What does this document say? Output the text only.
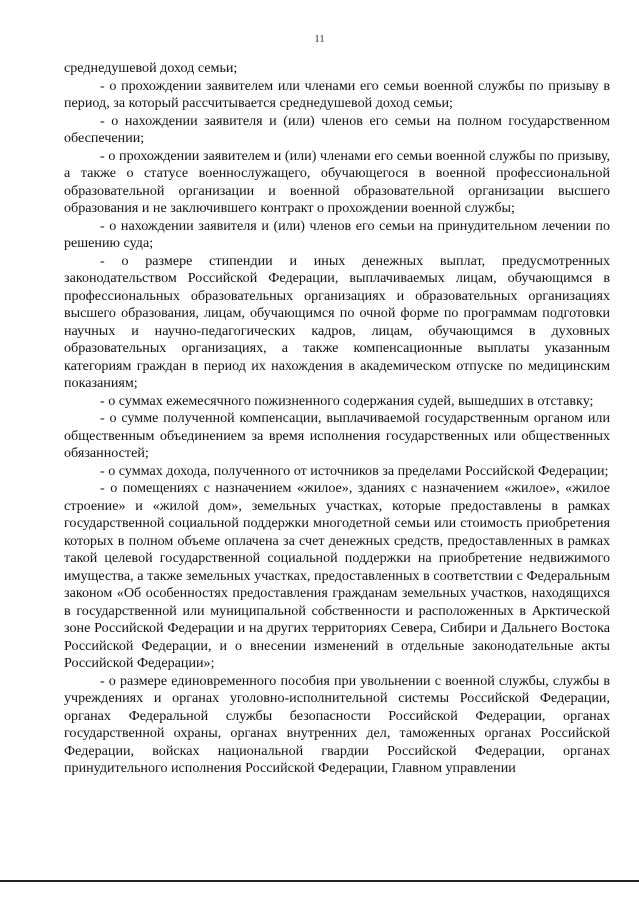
11

среднедушевой доход семьи;

- о прохождении заявителем или членами его семьи военной службы по призыву в период, за который рассчитывается среднедушевой доход семьи;

- о нахождении заявителя и (или) членов его семьи на полном государственном обеспечении;

- о прохождении заявителем и (или) членами его семьи военной службы по призыву, а также о статусе военнослужащего, обучающегося в военной профессиональной образовательной организации и военной образовательной организации высшего образования и не заключившего контракт о прохождении военной службы;

- о нахождении заявителя и (или) членов его семьи на принудительном лечении по решению суда;

- о размере стипендии и иных денежных выплат, предусмотренных законодательством Российской Федерации, выплачиваемых лицам, обучающимся в профессиональных образовательных организациях и образовательных организациях высшего образования, лицам, обучающимся по очной форме по программам подготовки научных и научно-педагогических кадров, лицам, обучающимся в духовных образовательных организациях, а также компенсационные выплаты указанным категориям граждан в период их нахождения в академическом отпуске по медицинским показаниям;

- о суммах ежемесячного пожизненного содержания судей, вышедших в отставку;

- о сумме полученной компенсации, выплачиваемой государственным органом или общественным объединением за время исполнения государственных или общественных обязанностей;

- о суммах дохода, полученного от источников за пределами Российской Федерации;

- о помещениях с назначением «жилое», зданиях с назначением «жилое», «жилое строение» и «жилой дом», земельных участках, которые предоставлены в рамках государственной социальной поддержки многодетной семьи или стоимость приобретения которых в полном объеме оплачена за счет денежных средств, предоставленных в рамках такой целевой государственной социальной поддержки на приобретение недвижимого имущества, а также земельных участках, предоставленных в соответствии с Федеральным законом «Об особенностях предоставления гражданам земельных участков, находящихся в государственной или муниципальной собственности и расположенных в Арктической зоне Российской Федерации и на других территориях Севера, Сибири и Дальнего Востока Российской Федерации, и о внесении изменений в отдельные законодательные акты Российской Федерации»;

- о размере единовременного пособия при увольнении с военной службы, службы в учреждениях и органах уголовно-исполнительной системы Российской Федерации, органах Федеральной службы безопасности Российской Федерации, органах государственной охраны, органах внутренних дел, таможенных органах Российской Федерации, войсках национальной гвардии Российской Федерации, органах принудительного исполнения Российской Федерации, Главном управлении
